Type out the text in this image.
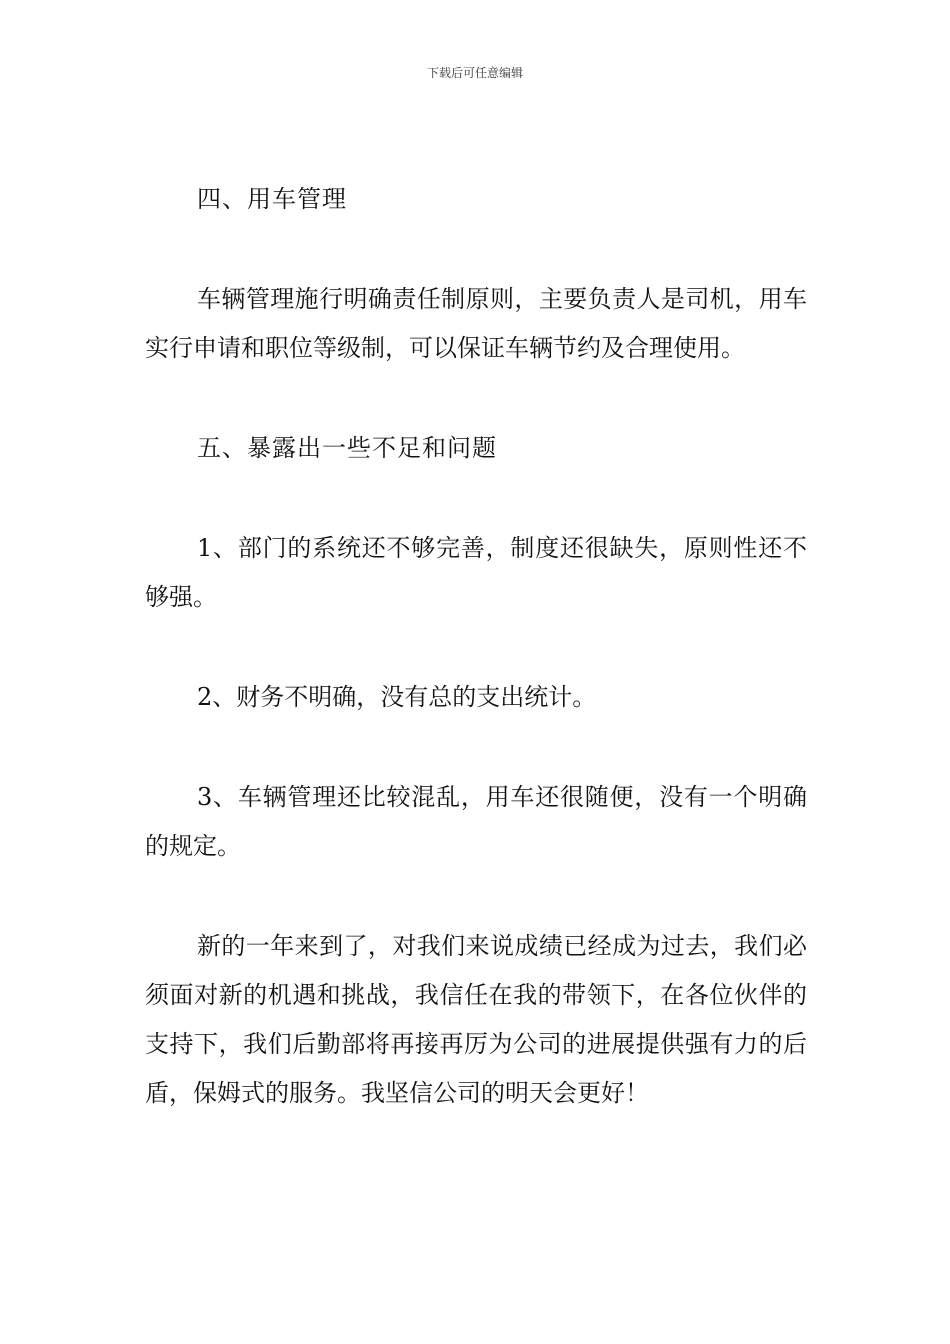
下载后可任意编辑

四、用车管理

车辆管理施行明确责任制原则，主要负责人是司机，用车实行申请和职位等级制，可以保证车辆节约及合理使用。

五、暴露出一些不足和问题

1、部门的系统还不够完善，制度还很缺失，原则性还不够强。

2、财务不明确，没有总的支出统计。

3、车辆管理还比较混乱，用车还很随便，没有一个明确的规定。

新的一年来到了，对我们来说成绩已经成为过去，我们必须面对新的机遇和挑战，我信任在我的带领下，在各位伙伴的支持下，我们后勤部将再接再厉为公司的进展提供强有力的后盾，保姆式的服务。我坚信公司的明天会更好！
